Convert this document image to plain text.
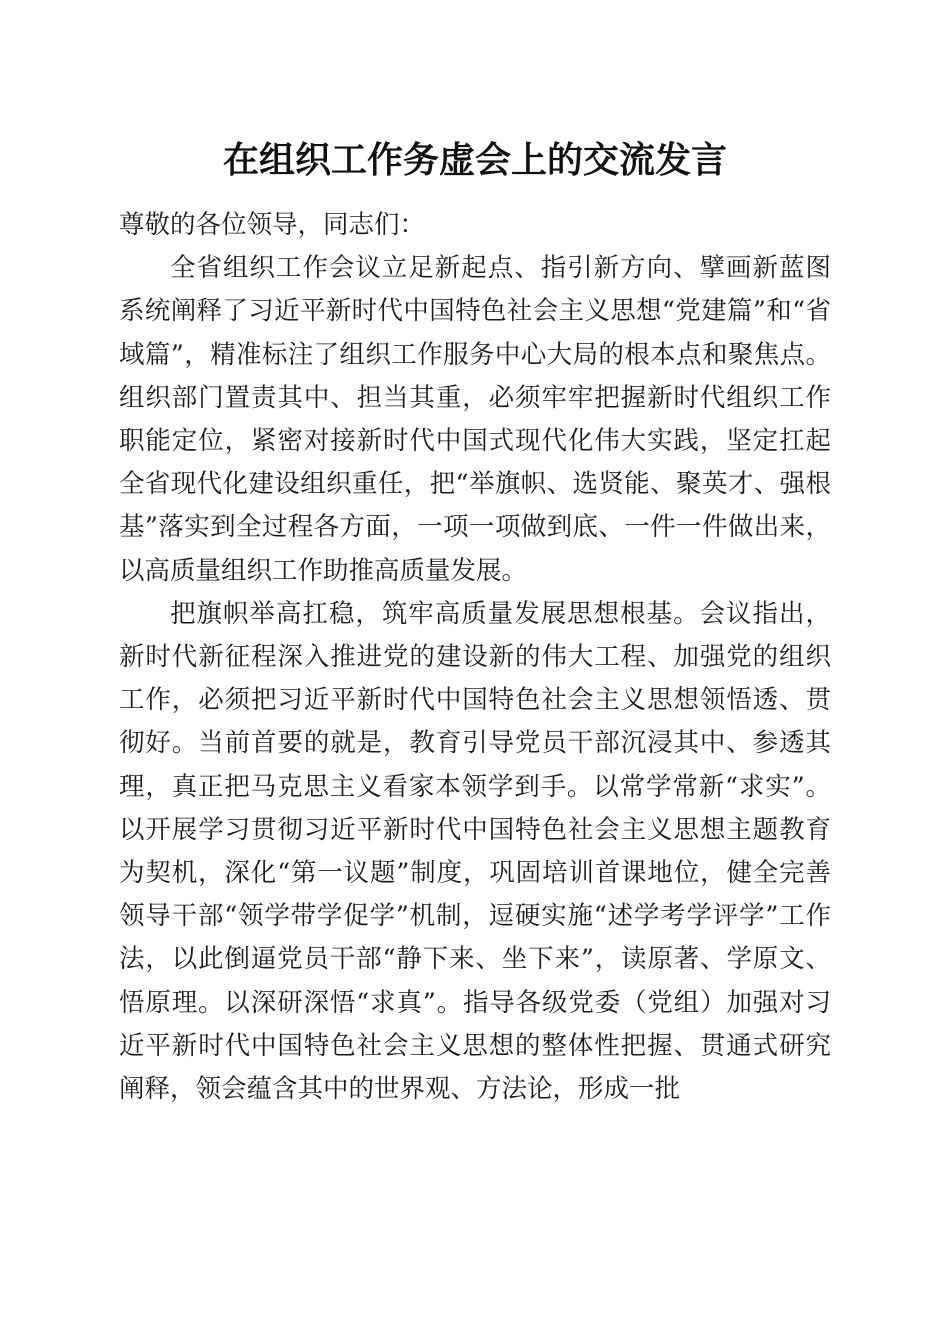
在组织工作务虚会上的交流发言

尊敬的各位领导，同志们：

全省组织工作会议立足新起点、指引新方向、擘画新蓝图系统阐释了习近平新时代中国特色社会主义思想“党建篇”和“省域篇”，精准标注了组织工作服务中心大局的根本点和聚焦点。组织部门置责其中、担当其重，必须牢牢把握新时代组织工作职能定位，紧密对接新时代中国式现代化伟大实践，坚定扛起全省现代化建设组织重任，把“举旗帜、选贤能、聚英才、强根基”落实到全过程各方面，一项一项做到底、一件一件做出来，以高质量组织工作助推高质量发展。

把旗帜举高扛稳，筑牢高质量发展思想根基。会议指出，新时代新征程深入推进党的建设新的伟大工程、加强党的组织工作，必须把习近平新时代中国特色社会主义思想领悟透、贯彻好。当前首要的就是，教育引导党员干部沉浸其中、参透其理，真正把马克思主义看家本领学到手。以常学常新“求实”。以开展学习贯彻习近平新时代中国特色社会主义思想主题教育为契机，深化“第一议题”制度，巩固培训首课地位，健全完善领导干部“领学带学促学”机制，逗硬实施“述学考学评学”工作法，以此倒逼党员干部“静下来、坐下来”，读原著、学原文、悟原理。以深研深悟“求真”。指导各级党委（党组）加强对习近平新时代中国特色社会主义思想的整体性把握、贯通式研究阐释，领会蕴含其中的世界观、方法论，形成一批
